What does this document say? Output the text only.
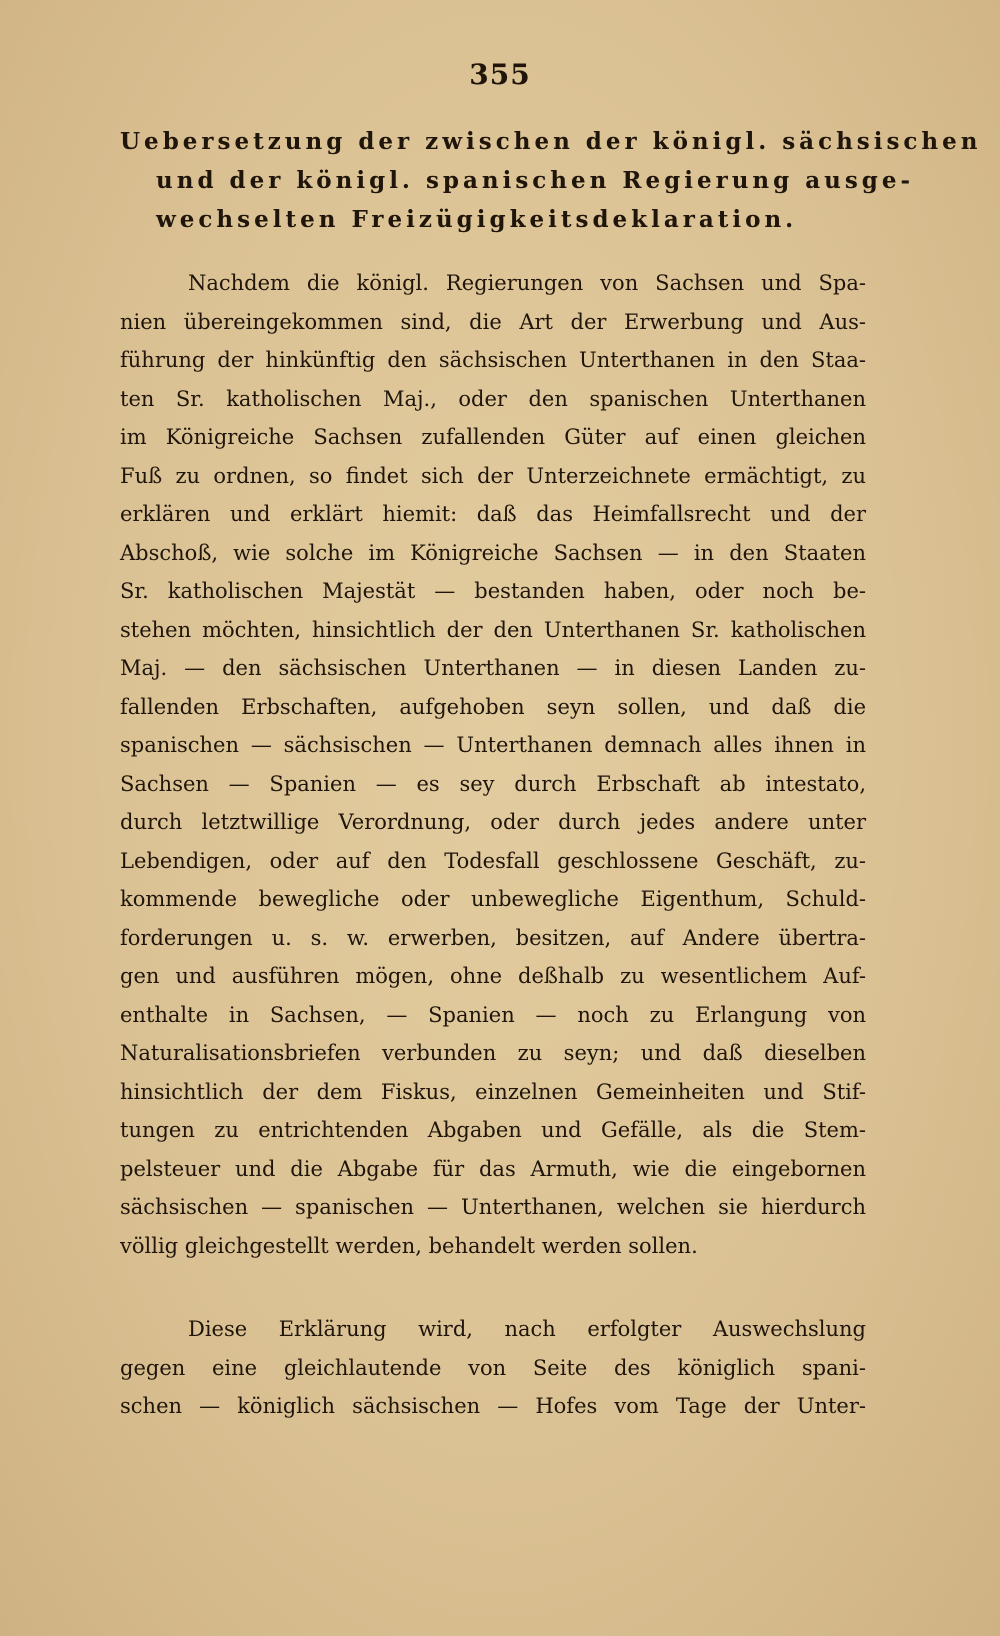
355
Uebersetzung der zwischen der königl. sächsischen
und der königl. spanischen Regierung ausge-
wechselten Freizügigkeitsdeklaration.
Nachdem die königl. Regierungen von Sachsen und Spa-
nien übereingekommen sind, die Art der Erwerbung und Aus-
führung der hinkünftig den sächsischen Unterthanen in den Staa-
ten Sr. katholischen Maj., oder den spanischen Unterthanen
im Königreiche Sachsen zufallenden Güter auf einen gleichen
Fuß zu ordnen, so findet sich der Unterzeichnete ermächtigt, zu
erklären und erklärt hiemit: daß das Heimfallsrecht und der
Abschoß, wie solche im Königreiche Sachsen — in den Staaten
Sr. katholischen Majestät — bestanden haben, oder noch be-
stehen möchten, hinsichtlich der den Unterthanen Sr. katholischen
Maj. — den sächsischen Unterthanen — in diesen Landen zu-
fallenden Erbschaften, aufgehoben seyn sollen, und daß die
spanischen — sächsischen — Unterthanen demnach alles ihnen in
Sachsen — Spanien — es sey durch Erbschaft ab intestato,
durch letztwillige Verordnung, oder durch jedes andere unter
Lebendigen, oder auf den Todesfall geschlossene Geschäft, zu-
kommende bewegliche oder unbewegliche Eigenthum, Schuld-
forderungen u. s. w. erwerben, besitzen, auf Andere übertra-
gen und ausführen mögen, ohne deßhalb zu wesentlichem Auf-
enthalte in Sachsen, — Spanien — noch zu Erlangung von
Naturalisationsbriefen verbunden zu seyn; und daß dieselben
hinsichtlich der dem Fiskus, einzelnen Gemeinheiten und Stif-
tungen zu entrichtenden Abgaben und Gefälle, als die Stem-
pelsteuer und die Abgabe für das Armuth, wie die eingebornen
sächsischen — spanischen — Unterthanen, welchen sie hierdurch
völlig gleichgestellt werden, behandelt werden sollen.
Diese Erklärung wird, nach erfolgter Auswechslung
gegen eine gleichlautende von Seite des königlich spani-
schen — königlich sächsischen — Hofes vom Tage der Unter-
